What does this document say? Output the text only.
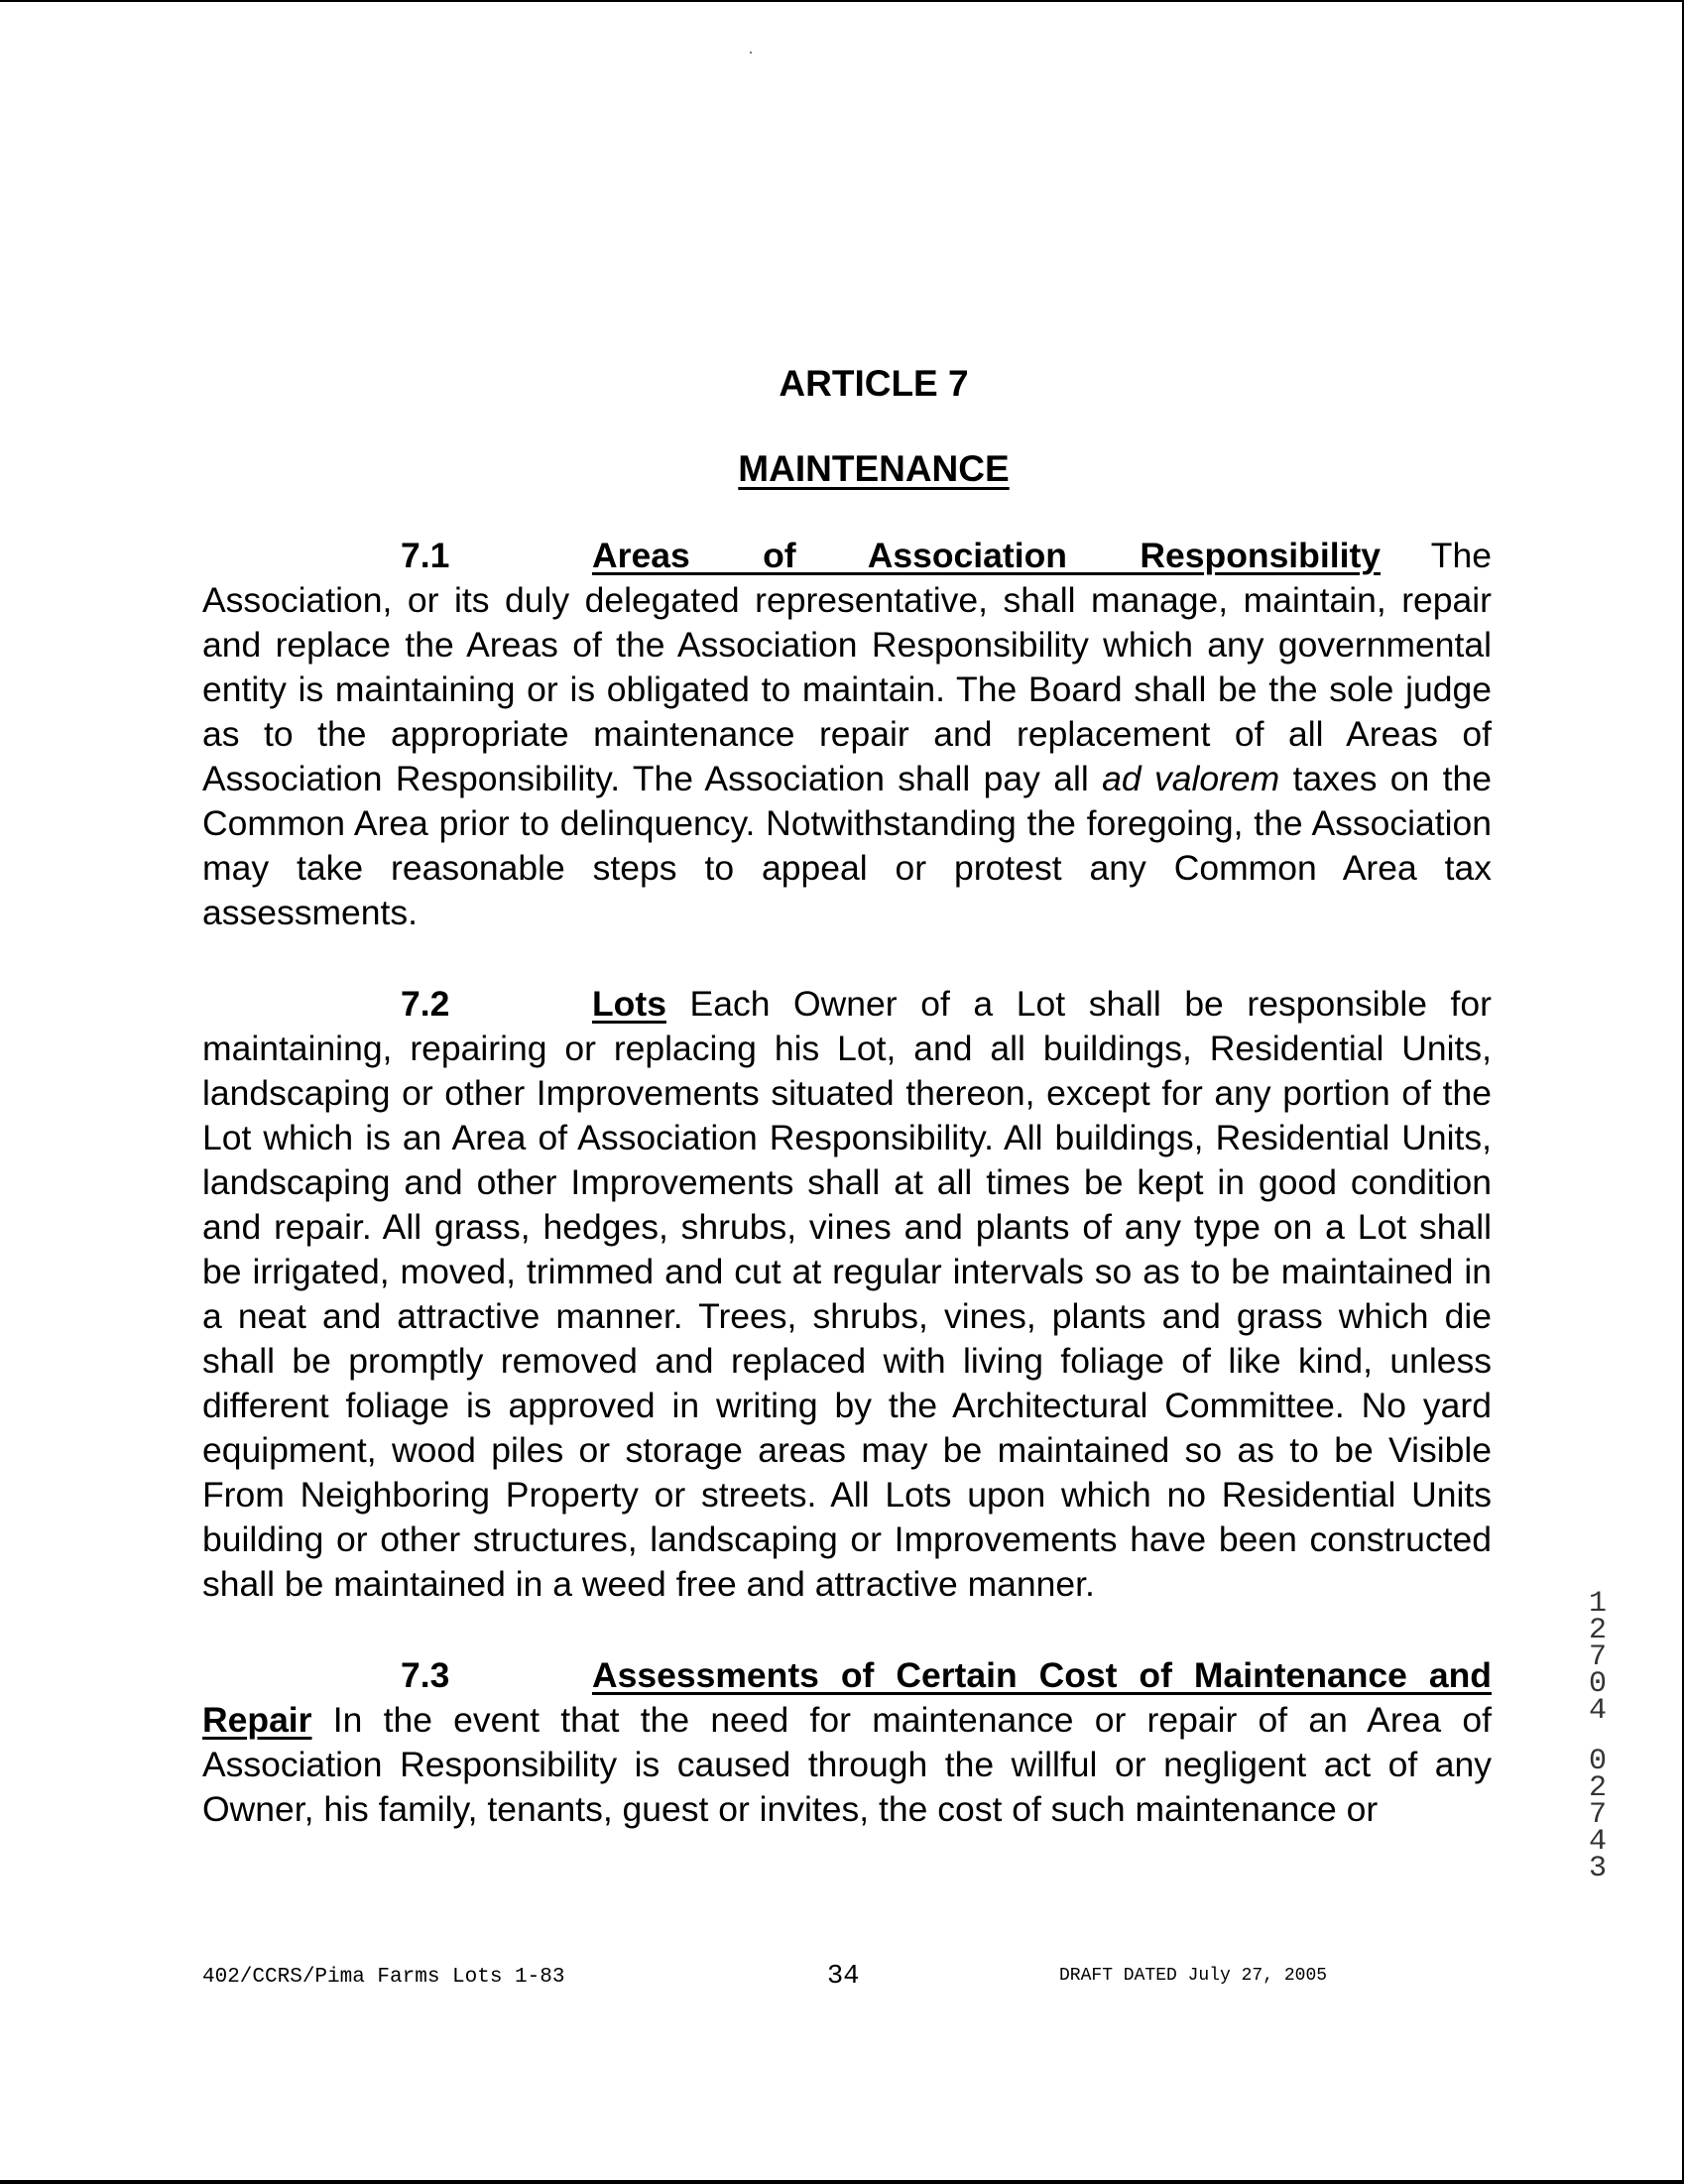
ARTICLE 7
MAINTENANCE

7.1	Areas of Association Responsibility The Association, or its duly delegated representative, shall manage, maintain, repair and replace the Areas of the Association Responsibility which any governmental entity is maintaining or is obligated to maintain. The Board shall be the sole judge as to the appropriate maintenance repair and replacement of all Areas of Association Responsibility. The Association shall pay all ad valorem taxes on the Common Area prior to delinquency. Notwithstanding the foregoing, the Association may take reasonable steps to appeal or protest any Common Area tax assessments.

7.2	Lots Each Owner of a Lot shall be responsible for maintaining, repairing or replacing his Lot, and all buildings, Residential Units, landscaping or other Improvements situated thereon, except for any portion of the Lot which is an Area of Association Responsibility. All buildings, Residential Units, landscaping and other Improvements shall at all times be kept in good condition and repair. All grass, hedges, shrubs, vines and plants of any type on a Lot shall be irrigated, moved, trimmed and cut at regular intervals so as to be maintained in a neat and attractive manner. Trees, shrubs, vines, plants and grass which die shall be promptly removed and replaced with living foliage of like kind, unless different foliage is approved in writing by the Architectural Committee. No yard equipment, wood piles or storage areas may be maintained so as to be Visible From Neighboring Property or streets. All Lots upon which no Residential Units building or other structures, landscaping or Improvements have been constructed shall be maintained in a weed free and attractive manner.

7.3	Assessments of Certain Cost of Maintenance and Repair In the event that the need for maintenance or repair of an Area of Association Responsibility is caused through the willful or negligent act of any Owner, his family, tenants, guest or invites, the cost of such maintenance or

402/CCRS/Pima Farms Lots 1-83	34	DRAFT DATED July 27, 2005
1
2
7
0
4
0
2
7
4
3
